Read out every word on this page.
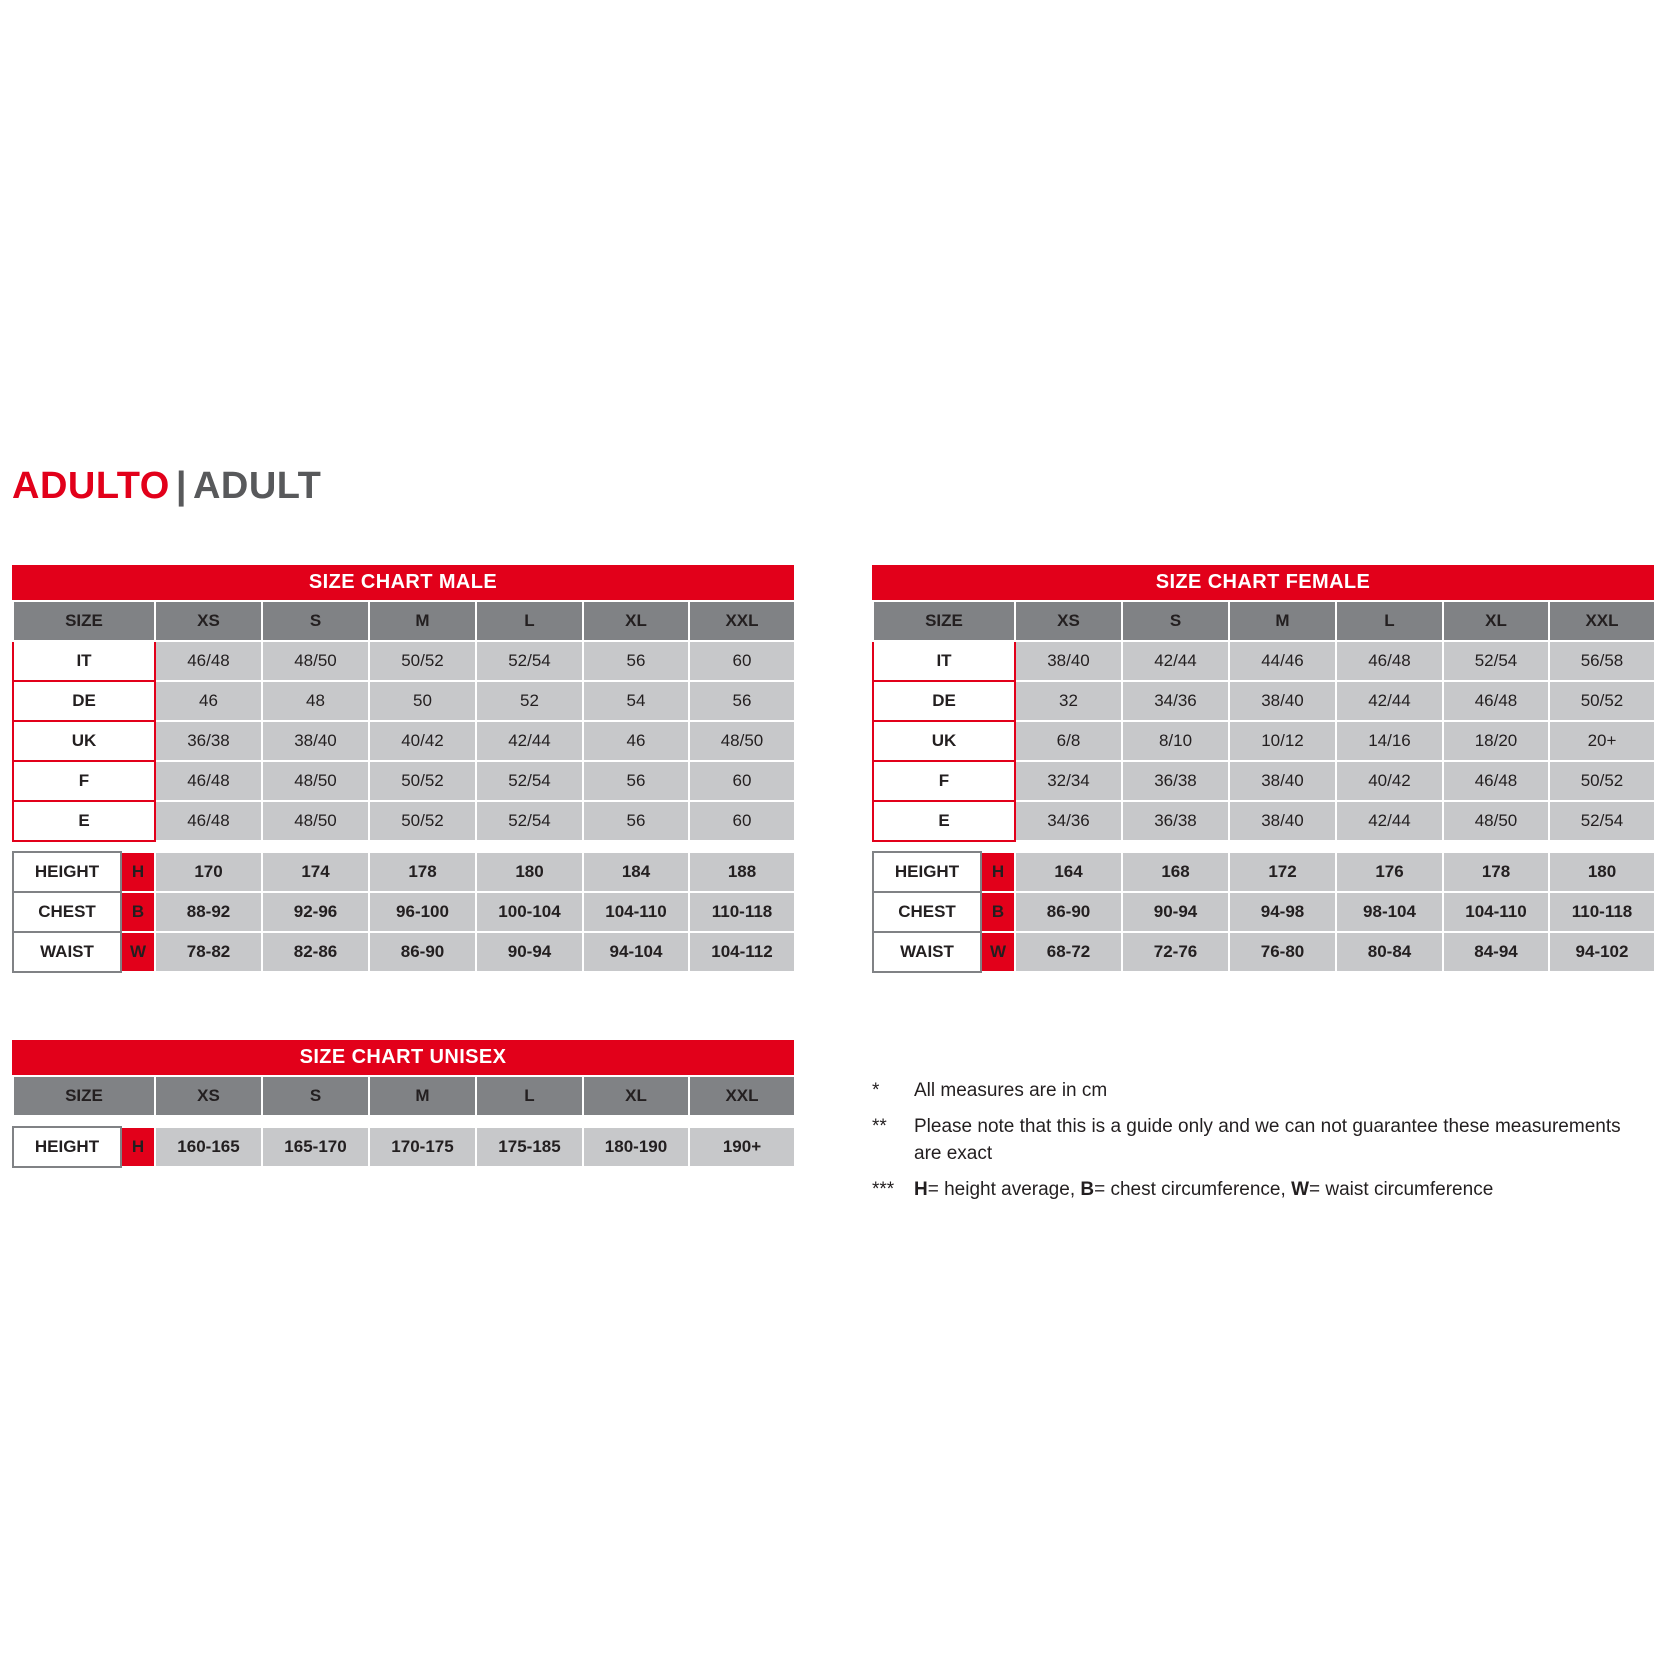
ADULTO | ADULT
SIZE CHART MALE
SIZE	XS	S	M	L	XL	XXL
IT	46/48	48/50	50/52	52/54	56	60
DE	46	48	50	52	54	56
UK	36/38	38/40	40/42	42/44	46	48/50
F	46/48	48/50	50/52	52/54	56	60
E	46/48	48/50	50/52	52/54	56	60
HEIGHT	H	170	174	178	180	184	188
CHEST	B	88-92	92-96	96-100	100-104	104-110	110-118
WAIST	W	78-82	82-86	86-90	90-94	94-104	104-112
SIZE CHART FEMALE
SIZE	XS	S	M	L	XL	XXL
IT	38/40	42/44	44/46	46/48	52/54	56/58
DE	32	34/36	38/40	42/44	46/48	50/52
UK	6/8	8/10	10/12	14/16	18/20	20+
F	32/34	36/38	38/40	40/42	46/48	50/52
E	34/36	36/38	38/40	42/44	48/50	52/54
HEIGHT	H	164	168	172	176	178	180
CHEST	B	86-90	90-94	94-98	98-104	104-110	110-118
WAIST	W	68-72	72-76	76-80	80-84	84-94	94-102
SIZE CHART UNISEX
SIZE	XS	S	M	L	XL	XXL
HEIGHT	H	160-165	165-170	170-175	175-185	180-190	190+
*	All measures are in cm
**	Please note that this is a guide only and we can not guarantee these measurements are exact
***	H= height average, B= chest circumference, W= waist circumference
